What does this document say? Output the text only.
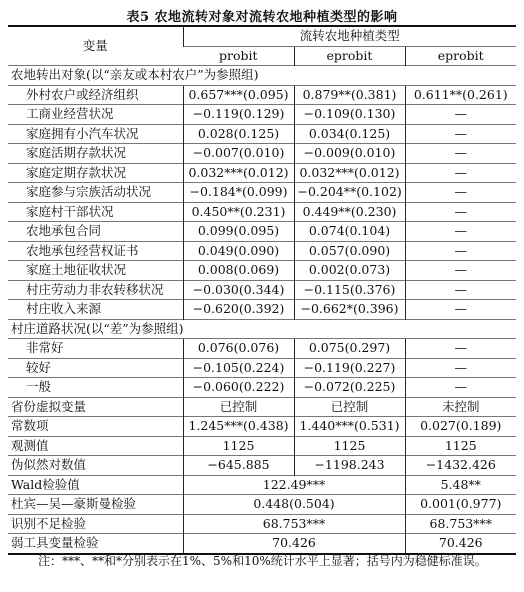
表5 农地流转对象对流转农地种植类型的影响
变量	流转农地种植类型		
	probit	eprobit	eprobit
农地转出对象(以“亲友或本村农户”为参照组)			
外村农户或经济组织	0.657***(0.095)	0.879**(0.381)	0.611**(0.261)
工商业经营状况	−0.119(0.129)	−0.109(0.130)	—
家庭拥有小汽车状况	0.028(0.125)	0.034(0.125)	—
家庭活期存款状况	−0.007(0.010)	−0.009(0.010)	—
家庭定期存款状况	0.032***(0.012)	0.032***(0.012)	—
家庭参与宗族活动状况	−0.184*(0.099)	−0.204**(0.102)	—
家庭村干部状况	0.450**(0.231)	0.449**(0.230)	—
农地承包合同	0.099(0.095)	0.074(0.104)	—
农地承包经营权证书	0.049(0.090)	0.057(0.090)	—
家庭土地征收状况	0.008(0.069)	0.002(0.073)	—
村庄劳动力非农转移状况	−0.030(0.344)	−0.115(0.376)	—
村庄收入来源	−0.620(0.392)	−0.662*(0.396)	—
村庄道路状况(以“差”为参照组)			
非常好	0.076(0.076)	0.075(0.297)	—
较好	−0.105(0.224)	−0.119(0.227)	—
一般	−0.060(0.222)	−0.072(0.225)	—
省份虚拟变量	已控制	已控制	未控制
常数项	1.245***(0.438)	1.440***(0.531)	0.027(0.189)
观测值	1125	1125	1125
伪似然对数值	−645.885	−1198.243	−1432.426
Wald检验值	122.49***		5.48**
杜宾—吴—豪斯曼检验	0.448(0.504)		0.001(0.977)
识别不足检验	68.753***		68.753***
弱工具变量检验	70.426		70.426
注：***、**和*分别表示在1%、5%和10%统计水平上显著；括号内为稳健标准误。
